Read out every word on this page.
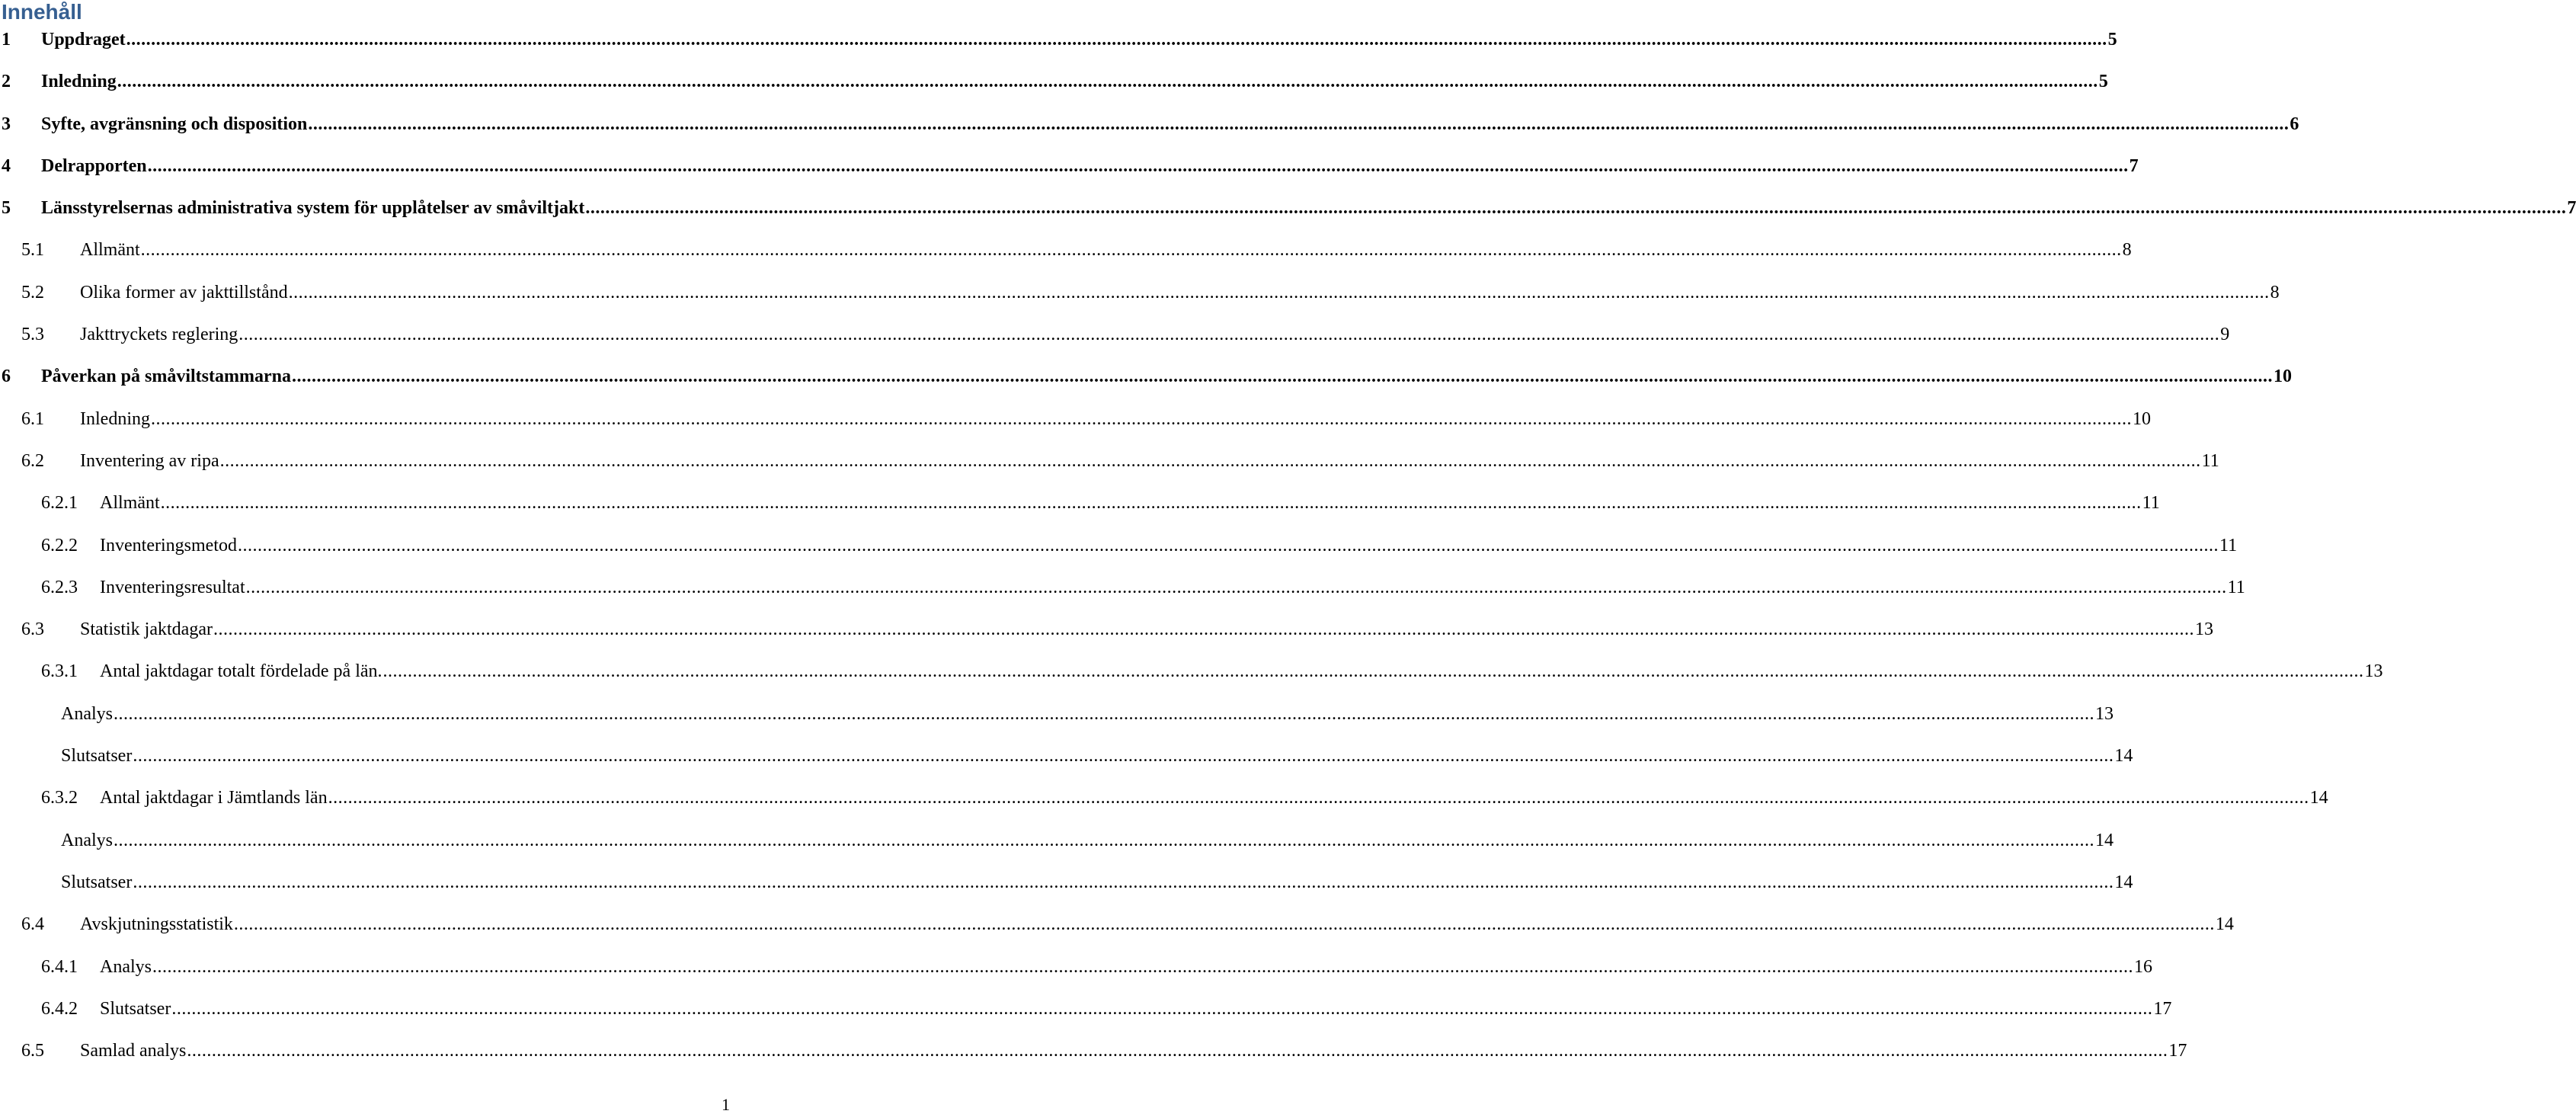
Innehåll
1 Uppdraget ................................................................................................................................................................................................................................................................................................................................................................................................................ 5
2 Inledning ................................................................................................................................................................................................................................................................................................................................................................................................................ 5
3 Syfte, avgränsning och disposition ................................................................................................................................................................................................................................................................................................................................................................................................................ 6
4 Delrapporten ................................................................................................................................................................................................................................................................................................................................................................................................................ 7
5 Länsstyrelsernas administrativa system för upplåtelser av småviltjakt ................................................................................................................................................................................................................................................................................................................................................................................................................ 7
5.1 Allmänt ................................................................................................................................................................................................................................................................................................................................................................................................................ 8
5.2 Olika former av jakttillstånd ................................................................................................................................................................................................................................................................................................................................................................................................................ 8
5.3 Jakttryckets reglering ................................................................................................................................................................................................................................................................................................................................................................................................................ 9
6 Påverkan på småviltstammarna ................................................................................................................................................................................................................................................................................................................................................................................................................ 10
6.1 Inledning ................................................................................................................................................................................................................................................................................................................................................................................................................ 10
6.2 Inventering av ripa ................................................................................................................................................................................................................................................................................................................................................................................................................ 11
6.2.1 Allmänt ................................................................................................................................................................................................................................................................................................................................................................................................................ 11
6.2.2 Inventeringsmetod ................................................................................................................................................................................................................................................................................................................................................................................................................ 11
6.2.3 Inventeringsresultat ................................................................................................................................................................................................................................................................................................................................................................................................................ 11
6.3 Statistik jaktdagar ................................................................................................................................................................................................................................................................................................................................................................................................................ 13
6.3.1 Antal jaktdagar totalt fördelade på län. ................................................................................................................................................................................................................................................................................................................................................................................................................ 13
Analys ................................................................................................................................................................................................................................................................................................................................................................................................................ 13
Slutsatser ................................................................................................................................................................................................................................................................................................................................................................................................................ 14
6.3.2 Antal jaktdagar i Jämtlands län ................................................................................................................................................................................................................................................................................................................................................................................................................ 14
Analys ................................................................................................................................................................................................................................................................................................................................................................................................................ 14
Slutsatser ................................................................................................................................................................................................................................................................................................................................................................................................................ 14
6.4 Avskjutningsstatistik ................................................................................................................................................................................................................................................................................................................................................................................................................ 14
6.4.1 Analys ................................................................................................................................................................................................................................................................................................................................................................................................................ 16
6.4.2 Slutsatser ................................................................................................................................................................................................................................................................................................................................................................................................................ 17
6.5 Samlad analys ................................................................................................................................................................................................................................................................................................................................................................................................................ 17
1
